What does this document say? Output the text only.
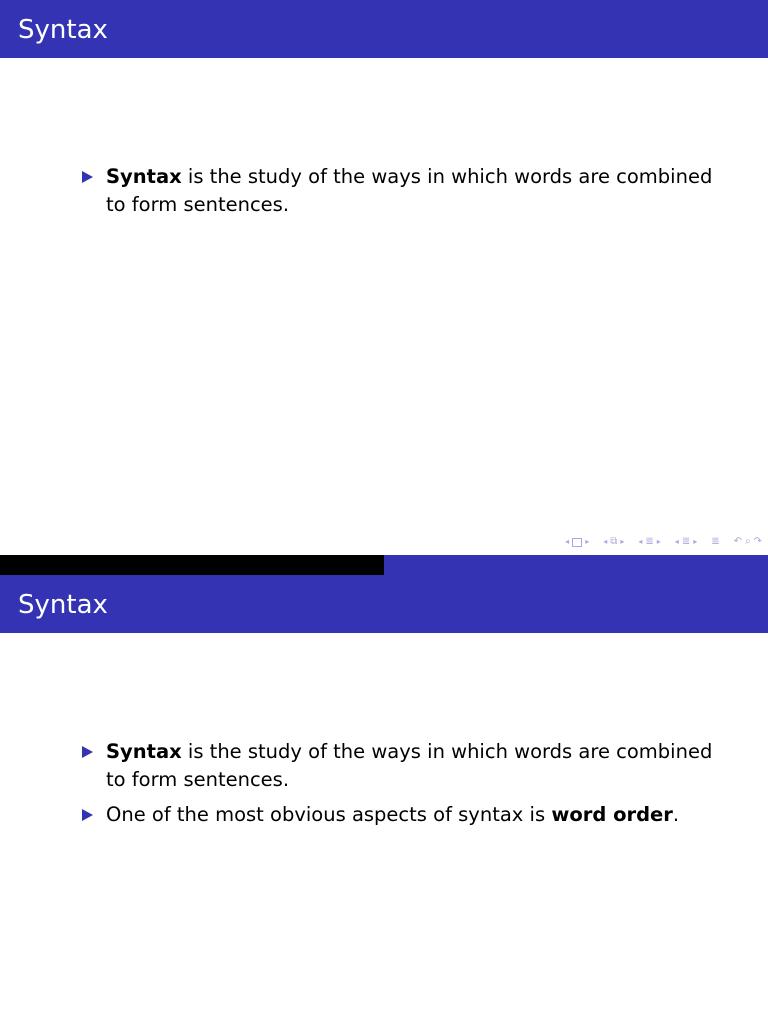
Syntax
Syntax is the study of the ways in which words are combined to form sentences.
◂ ▸ ◂ ⧉ ▸ ◂ ≣ ▸ ◂ ≣ ▸ ≣ ↶ ⌕ ↷
Syntax
Syntax is the study of the ways in which words are combined to form sentences.
One of the most obvious aspects of syntax is word order.
